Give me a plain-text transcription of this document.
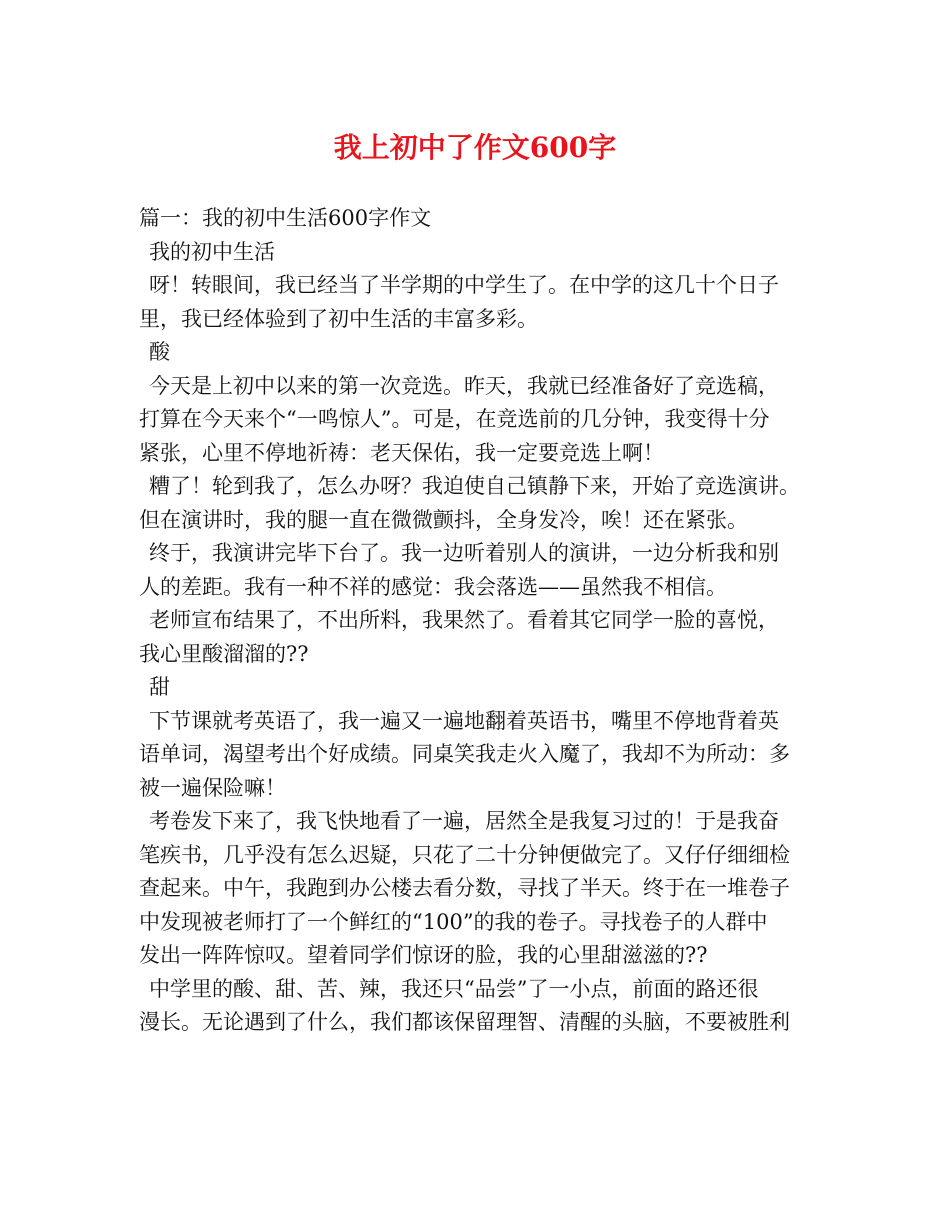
我上初中了作文600字

篇一：我的初中生活600字作文

我的初中生活

呀！转眼间，我已经当了半学期的中学生了。在中学的这几十个日子

里，我已经体验到了初中生活的丰富多彩。

酸

今天是上初中以来的第一次竞选。昨天，我就已经准备好了竞选稿，

打算在今天来个“一鸣惊人”。可是，在竞选前的几分钟，我变得十分

紧张，心里不停地祈祷：老天保佑，我一定要竞选上啊！

糟了！轮到我了，怎么办呀？我迫使自己镇静下来，开始了竞选演讲。

但在演讲时，我的腿一直在微微颤抖，全身发冷，唉！还在紧张。

终于，我演讲完毕下台了。我一边听着别人的演讲，一边分析我和别

人的差距。我有一种不祥的感觉：我会落选——虽然我不相信。

老师宣布结果了，不出所料，我果然了。看着其它同学一脸的喜悦，

我心里酸溜溜的??

甜

下节课就考英语了，我一遍又一遍地翻着英语书，嘴里不停地背着英

语单词，渴望考出个好成绩。同桌笑我走火入魔了，我却不为所动：多

被一遍保险嘛！

考卷发下来了，我飞快地看了一遍，居然全是我复习过的！于是我奋

笔疾书，几乎没有怎么迟疑，只花了二十分钟便做完了。又仔仔细细检

查起来。中午，我跑到办公楼去看分数，寻找了半天。终于在一堆卷子

中发现被老师打了一个鲜红的“100”的我的卷子。寻找卷子的人群中

发出一阵阵惊叹。望着同学们惊讶的脸，我的心里甜滋滋的??

中学里的酸、甜、苦、辣，我还只“品尝”了一小点，前面的路还很

漫长。无论遇到了什么，我们都该保留理智、清醒的头脑，不要被胜利
